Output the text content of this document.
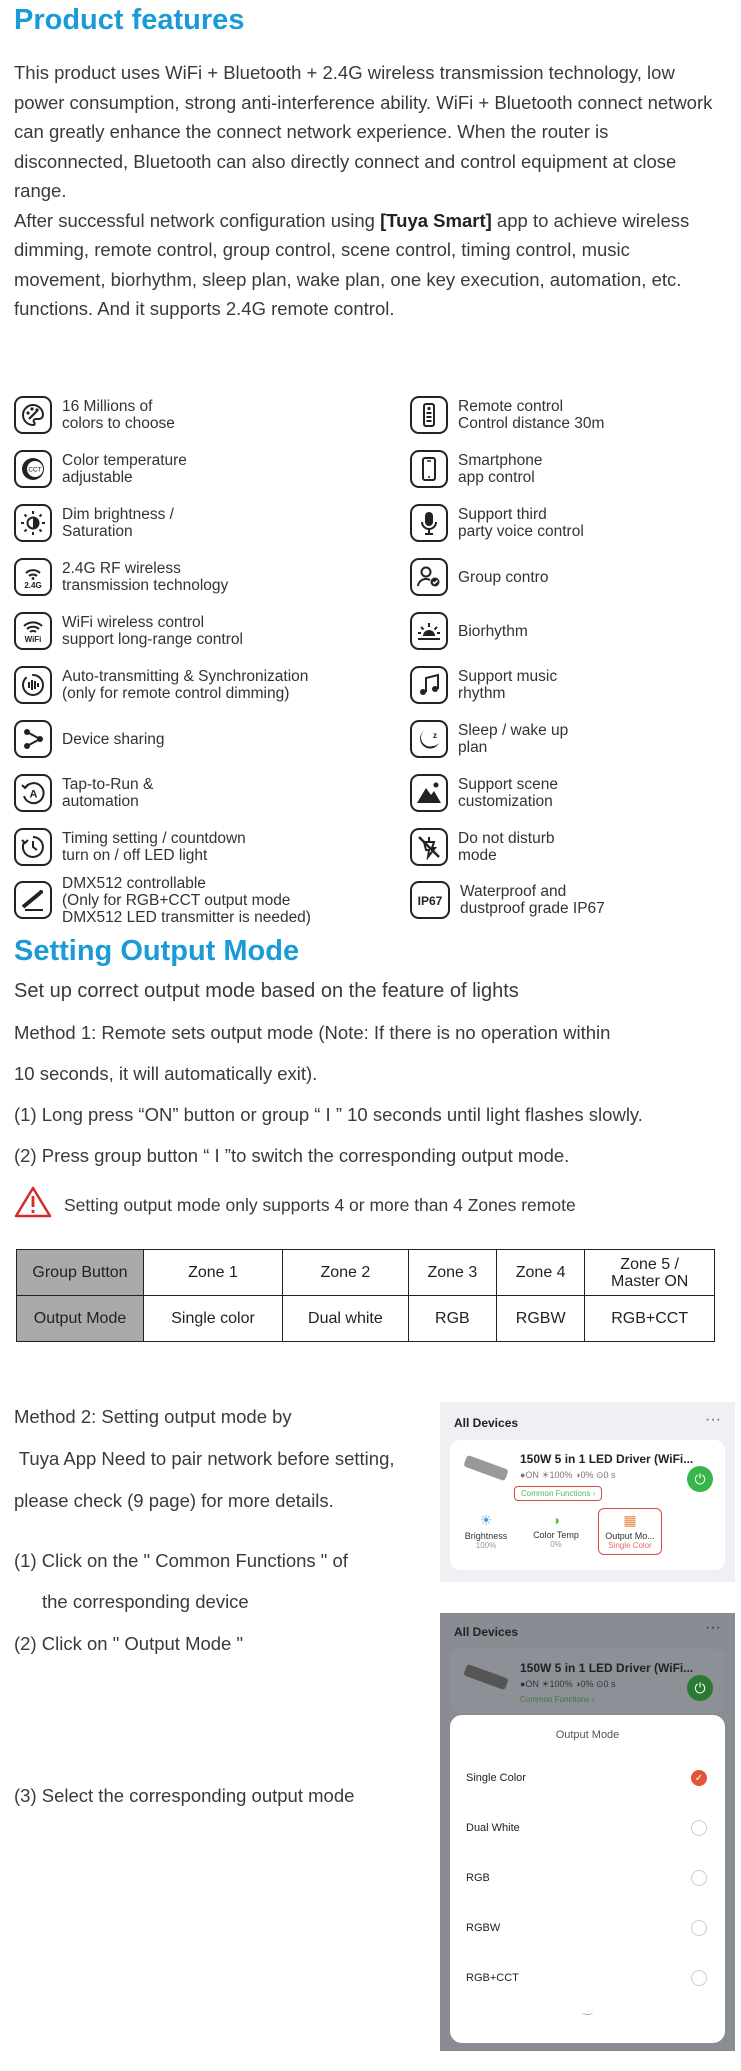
Product features

This product uses WiFi + Bluetooth + 2.4G wireless transmission technology, low power consumption, strong anti-interference ability. WiFi + Bluetooth connect network can greatly enhance the connect network experience. When the router is disconnected, Bluetooth can also directly connect and control equipment at close range.

After successful network configuration using [Tuya Smart] app to achieve wireless dimming, remote control, group control, scene control, timing control, music movement, biorhythm, sleep plan, wake plan, one key execution, automation, etc. functions. And it supports 2.4G remote control.

16 Millions of
colors to choose
CCT
Color temperature
adjustable
Dim brightness /
Saturation
2.4G
2.4G RF wireless
transmission technology
WiFi
WiFi wireless control
support long-range control
Auto-transmitting & Synchronization
(only for remote control dimming)
Device sharing
A
Tap-to-Run &
automation
Timing setting / countdown
turn on / off LED light
DMX512 controllable
(Only for RGB+CCT output mode
DMX512 LED transmitter is needed)
Remote control
Control distance 30m
Smartphone
app control
Support third
party voice control
Group contro
Biorhythm
Support music
rhythm
z Sleep / wake up
plan
Support scene
customization
Do not disturb
mode
IP67
Waterproof and
dustproof grade IP67
Setting Output Mode
Set up correct output mode based on the feature of lights
Method 1: Remote sets output mode (Note: If there is no operation within
10 seconds, it will automatically exit).
(1) Long press “ON” button or group “ I ” 10 seconds until light flashes slowly.
(2) Press group button “ I ”to switch the corresponding output mode.
Setting output mode only supports 4 or more than 4 Zones remote
Group Button	Zone 1	Zone 2	Zone 3	Zone 4	Zone 5 /
Master ON
Output Mode	Single color	Dual white	RGB	RGBW	RGB+CCT
Method 2: Setting output mode by
Tuya App Need to pair network before setting,
please check (9 page) for more details.
(1) Click on the " Common Functions " of
the corresponding device
(2) Click on " Output Mode "
(3) Select the corresponding output mode
All Devices	···
150W 5 in 1 LED Driver (WiFi...
●ON ☀100% ◑0% ⊙0 s
Common Functions ›
⏻
☀
Brightness
100%
◑
Color Temp
0%
▦
Output Mo...
Single Color
All Devices	···
150W 5 in 1 LED Driver (WiFi...
●ON ☀100% ◑0% ⊙0 s
Common Functions ›
⏻
Output Mode
Single Color	✓
Dual White
RGB
RGBW
RGB+CCT
‿
